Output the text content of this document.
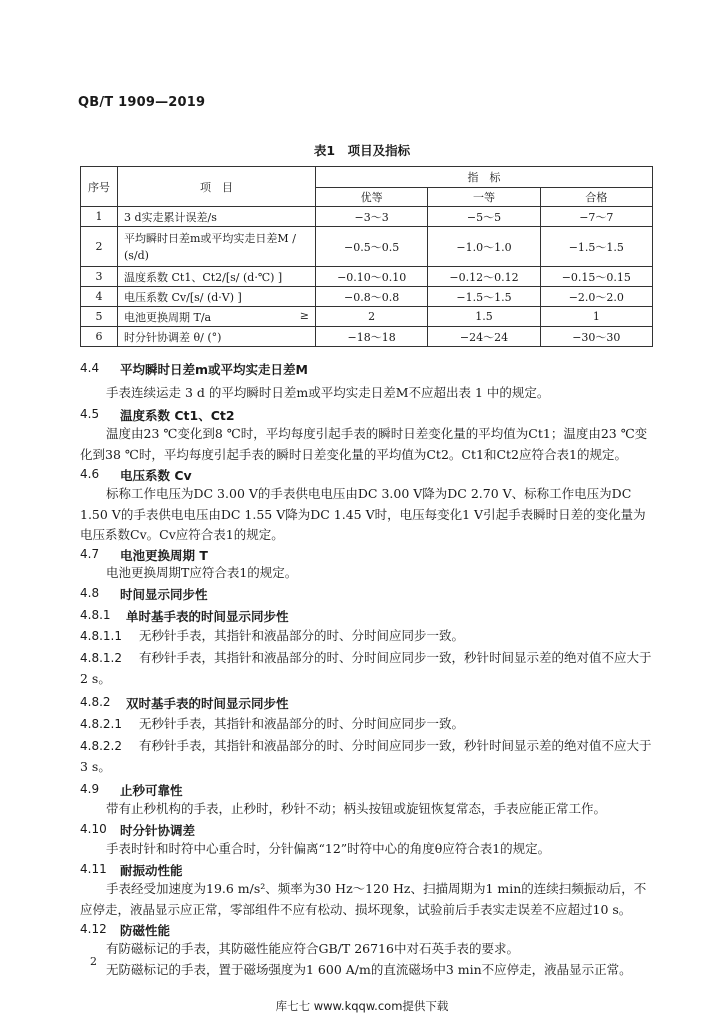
QB/T 1909—2019
表1　项目及指标
序号	项　目	指　标		
		优等	一等	合格
1	3 d实走累计误差/s	−3～3	−5～5	−7～7
2	平均瞬时日差m或平均实走日差M / (s/d)	−0.5～0.5	−1.0～1.0	−1.5～1.5
3	温度系数 Ct1、Ct2/[s/ (d·℃) ]	−0.10～0.10	−0.12～0.12	−0.15～0.15
4	电压系数 Cv/[s/ (d·V) ]	−0.8～0.8	−1.5～1.5	−2.0～2.0
5	电池更换周期 T/a ≥	2	1.5	1
6	时分针协调差 θ/ (°)	−18～18	−24～24	−30～30
4.4 平均瞬时日差m或平均实走日差M
手表连续运走 3 d 的平均瞬时日差m或平均实走日差M不应超出表 1 中的规定。
4.5 温度系数 Ct1、Ct2
温度由23 ℃变化到8 ℃时，平均每度引起手表的瞬时日差变化量的平均值为Ct1；温度由23 ℃变化到38 ℃时，平均每度引起手表的瞬时日差变化量的平均值为Ct2。Ct1和Ct2应符合表1的规定。
4.6 电压系数 Cv
标称工作电压为DC 3.00 V的手表供电电压由DC 3.00 V降为DC 2.70 V、标称工作电压为DC 1.50 V的手表供电电压由DC 1.55 V降为DC 1.45 V时，电压每变化1 V引起手表瞬时日差的变化量为电压系数Cv。Cv应符合表1的规定。
4.7 电池更换周期 T
电池更换周期T应符合表1的规定。
4.8 时间显示同步性
4.8.1 单时基手表的时间显示同步性
4.8.1.1 无秒针手表，其指针和液晶部分的时、分时间应同步一致。
4.8.1.2	有秒针手表，其指针和液晶部分的时、分时间应同步一致，秒针时间显示差的绝对值不应大于 2 s。
4.8.2 双时基手表的时间显示同步性
4.8.2.1 无秒针手表，其指针和液晶部分的时、分时间应同步一致。
4.8.2.2	有秒针手表，其指针和液晶部分的时、分时间应同步一致，秒针时间显示差的绝对值不应大于 3 s。
4.9 止秒可靠性
带有止秒机构的手表，止秒时，秒针不动；柄头按钮或旋钮恢复常态，手表应能正常工作。
4.10 时分针协调差
手表时针和时符中心重合时，分针偏离“12”时符中心的角度θ应符合表1的规定。
4.11 耐振动性能
手表经受加速度为19.6 m/s²、频率为30 Hz～120 Hz、扫描周期为1 min的连续扫频振动后，不应停走，液晶显示应正常，零部组件不应有松动、损坏现象，试验前后手表实走误差不应超过10 s。
4.12 防磁性能
有防磁标记的手表，其防磁性能应符合GB/T 26716中对石英手表的要求。
无防磁标记的手表，置于磁场强度为1 600 A/m的直流磁场中3 min不应停走，液晶显示正常。
2
库七七 www.kqqw.com提供下载
